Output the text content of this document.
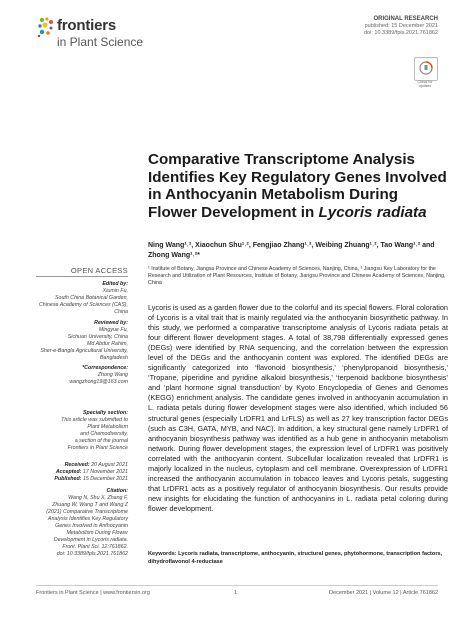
frontiers
in Plant Science
ORIGINAL RESEARCH
published: 15 December 2021
doi: 10.3389/fpls.2021.761862
Check for updates
Comparative Transcriptome Analysis Identifies Key Regulatory Genes Involved in Anthocyanin Metabolism During Flower Development in Lycoris radiata
Ning Wang¹˒², Xiaochun Shu¹˒², Fengjiao Zhang¹˒², Weibing Zhuang¹˒², Tao Wang¹˒² and Zhong Wang¹˒²*
¹ Institute of Botany, Jiangsu Province and Chinese Academy of Sciences, Nanjing, China, ² Jiangsu Key Laboratory for the Research and Utilization of Plant Resources, Institute of Botany, Jiangsu Province and Chinese Academy of Sciences, Nanjing, China
OPEN ACCESS
Edited by:
Xiumin Fu,
South China Botanical Garden,
Chinese Academy of Sciences (CAS),
China
Reviewed by:
Mingyue Fu,
Sichuan University, China
Md Abdur Rahim,
Sher-e-Bangla Agricultural University,
Bangladesh
*Correspondence:
Zhong Wang
wangzhong19@163.com
Specialty section:
This article was submitted to
Plant Metabolism
and Chemodiversity,
a section of the journal
Frontiers in Plant Science
Received: 20 August 2021
Accepted: 17 November 2021
Published: 15 December 2021
Citation:
Wang N, Shu X, Zhang F,
Zhuang W, Wang T and Wang Z
(2021) Comparative Transcriptome
Analysis Identifies Key Regulatory
Genes Involved in Anthocyanin
Metabolism During Flower
Development in Lycoris radiata.
Front. Plant Sci. 12:761862.
doi: 10.3389/fpls.2021.761862

Lycoris is used as a garden flower due to the colorful and its special flowers. Floral coloration of Lycoris is a vital trait that is mainly regulated via the anthocyanin biosynthetic pathway. In this study, we performed a comparative transcriptome analysis of Lycoris radiata petals at four different flower development stages. A total of 38,798 differentially expressed genes (DEGs) were identified by RNA sequencing, and the correlation between the expression level of the DEGs and the anthocyanin content was explored. The identified DEGs are significantly categorized into ‘flavonoid biosynthesis,’ ‘phenylpropanoid biosynthesis,’ ‘Tropane, piperidine and pyridine alkaloid biosynthesis,’ ‘terpenoid backbone biosynthesis’ and ‘plant hormone signal transduction’ by Kyoto Encyclopedia of Genes and Genomes (KEGG) enrichment analysis. The candidate genes involved in anthocyanin accumulation in L. radiata petals during flower development stages were also identified, which included 56 structural genes (especially LrDFR1 and LrFLS) as well as 27 key transcription factor DEGs (such as C3H, GATA, MYB, and NAC). In addition, a key structural gene namely LrDFR1 of anthocyanin biosynthesis pathway was identified as a hub gene in anthocyanin metabolism network. During flower development stages, the expression level of LrDFR1 was positively correlated with the anthocyanin content. Subcellular localization revealed that LrDFR1 is majorly localized in the nucleus, cytoplasm and cell membrane. Overexpression of LrDFR1 increased the anthocyanin accumulation in tobacco leaves and Lycoris petals, suggesting that LrDFR1 acts as a positively regulator of anthocyanin biosynthesis. Our results provide new insights for elucidating the function of anthocyanins in L. radiata petal coloring during flower development.

Keywords: Lycoris radiata, transcriptome, anthocyanin, structural genes, phytohormone, transcription factors, dihydroflavonol 4-reductase
Frontiers in Plant Science | www.frontiersin.org	1	December 2021 | Volume 12 | Article 761862
